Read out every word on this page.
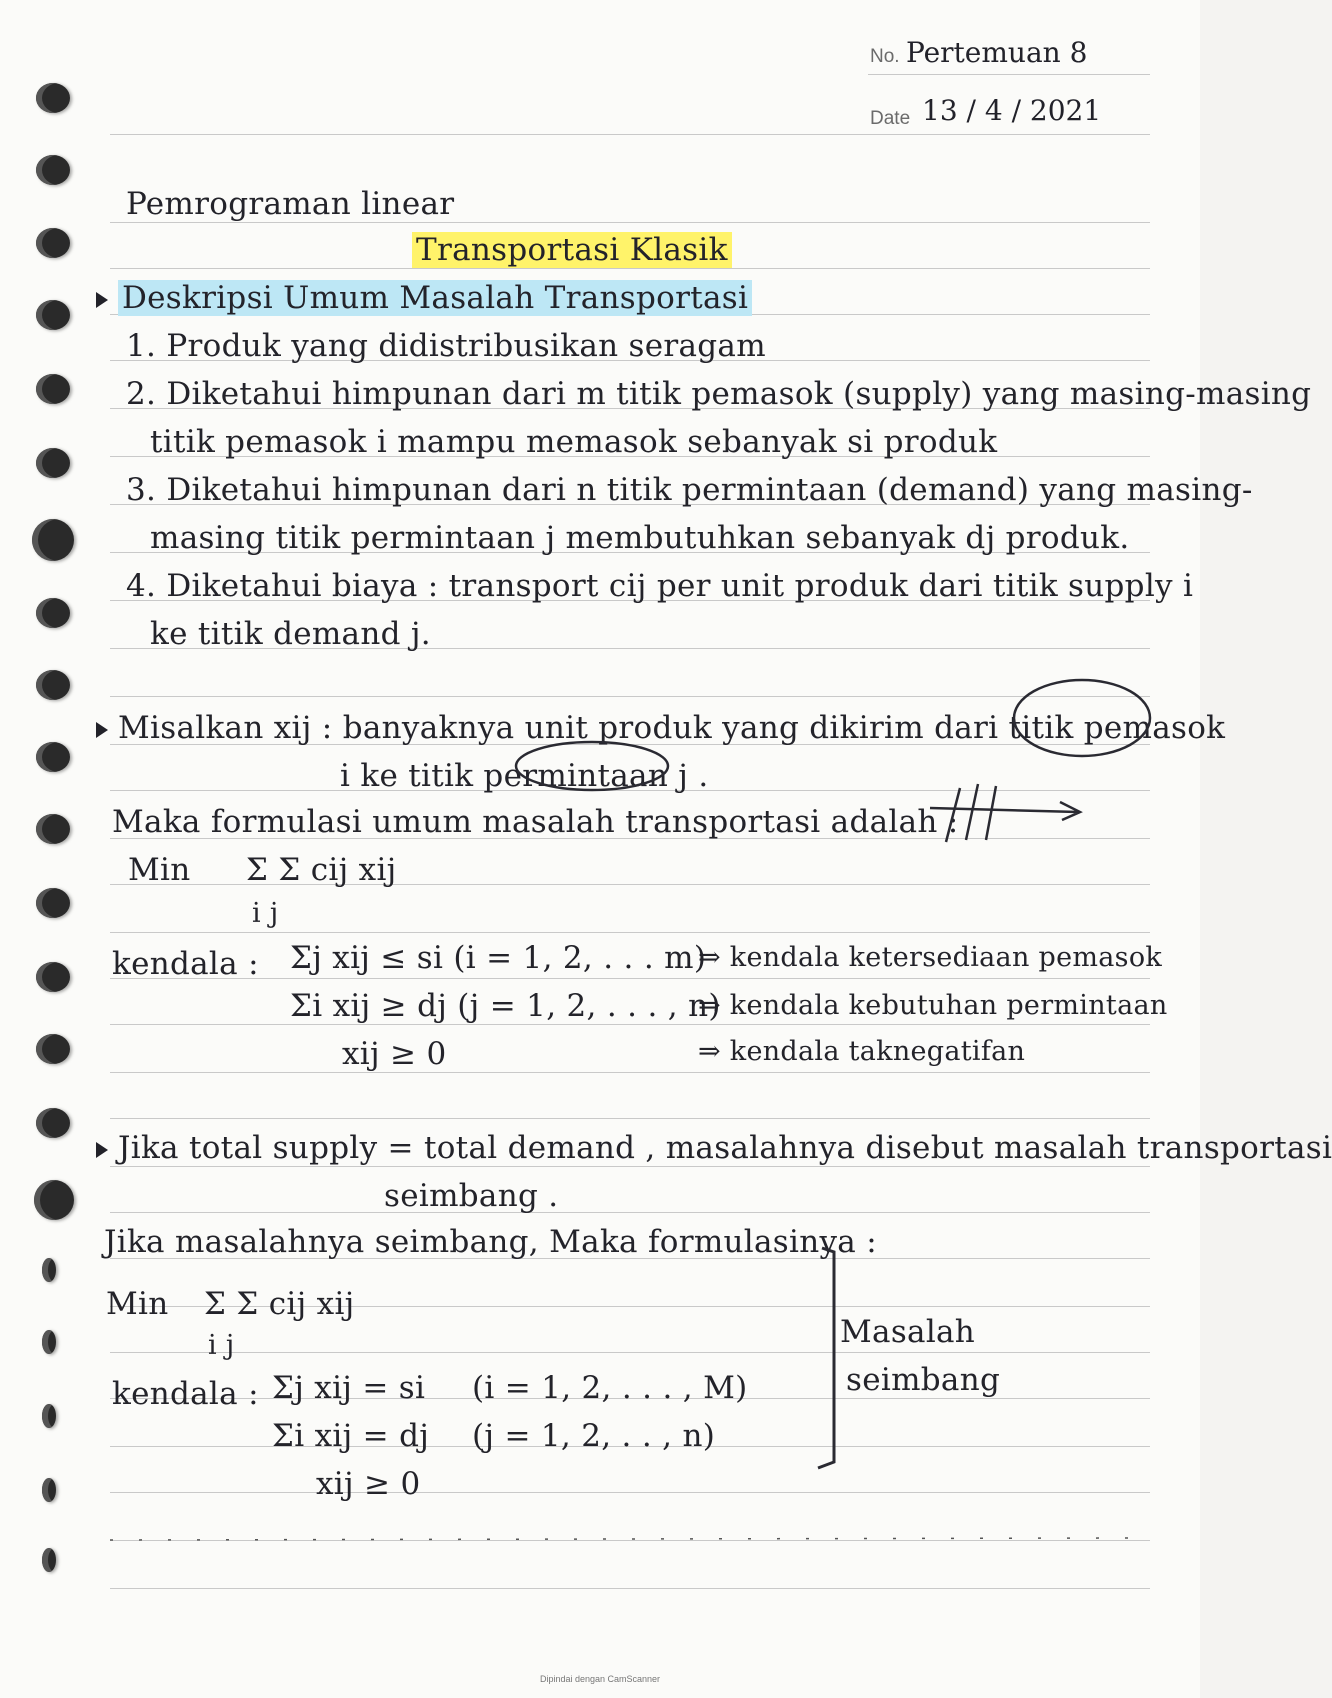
No. Pertemuan 8
Date 13 / 4 / 2021
Pemrograman linear
Transportasi Klasik
Deskripsi Umum Masalah Transportasi
1. Produk yang didistribusikan seragam
2. Diketahui himpunan dari m titik pemasok (supply) yang masing-masing
titik pemasok i mampu memasok sebanyak si produk
3. Diketahui himpunan dari n titik permintaan (demand) yang masing-
masing titik permintaan j membutuhkan sebanyak dj produk.
4. Diketahui biaya : transport cij per unit produk dari titik supply i
ke titik demand j.
Misalkan xij : banyaknya unit produk yang dikirim dari titik pemasok
i ke titik permintaan j .
Maka formulasi umum masalah transportasi adalah :
Min Σ Σ cij xij
i j
kendala : Σj xij ≤ si (i = 1, 2, . . . m)
⇒ kendala ketersediaan pemasok
Σi xij ≥ dj (j = 1, 2, . . . , n)
⇒ kendala kebutuhan permintaan
xij ≥ 0	⇒ kendala taknegatifan
Jika total supply = total demand , masalahnya disebut masalah transportasi
seimbang .
Jika masalahnya seimbang, Maka formulasinya :
Min Σ Σ cij xij
i j
kendala : Σj xij = si (i = 1, 2, . . . , M)
Σi xij = dj (j = 1, 2, . . , n)
xij ≥ 0
Masalah
seimbang
Dipindai dengan CamScanner
